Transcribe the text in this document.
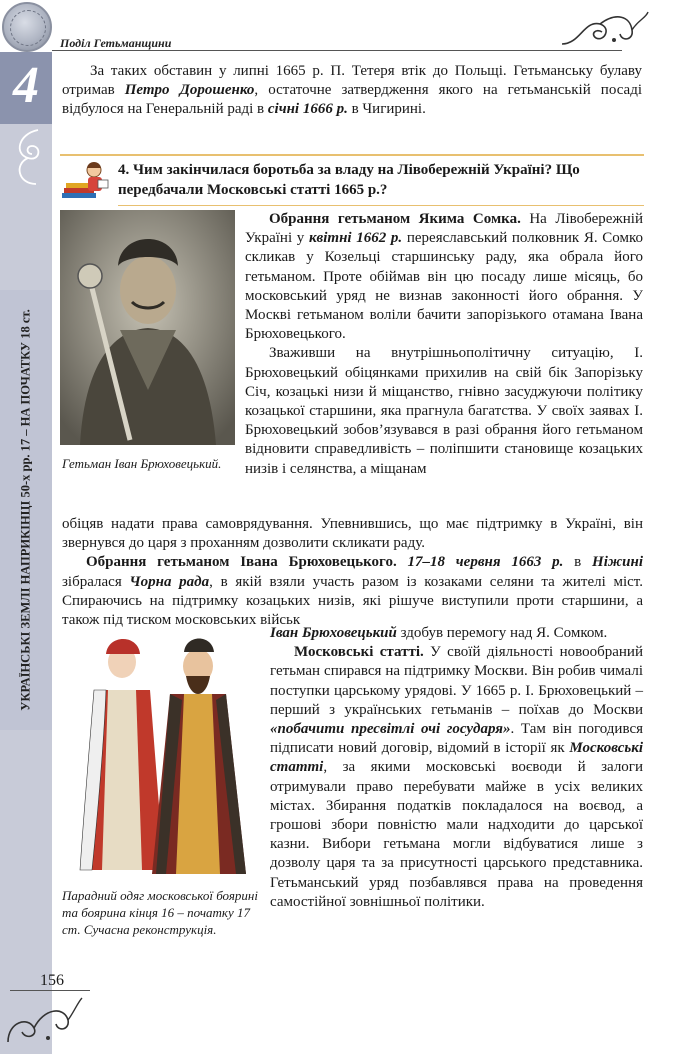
4
Поділ Гетьманщини
УКРАЇНСЬКІ ЗЕМЛІ НАПРИКІНЦІ 50-х рр. 17 – НА ПОЧАТКУ 18 ст.
За таких обставин у липні 1665 р. П. Тетеря втік до Польщі. Гетьманську булаву отримав Петро Дорошенко, остаточне затвердження якого на гетьманській посаді відбулося на Генеральній раді в січні 1666 р. в Чигирині.
4. Чим закінчилася боротьба за владу на Лівобережній Україні? Що передбачали Московські статті 1665 р.?
Гетьман Іван Брюховецький.

Обрання гетьманом Якима Сомка. На Лівобережній Україні у квітні 1662 р. переяславський полковник Я. Сомко скликав у Козельці старшинську раду, яка обрала його гетьманом. Проте обіймав він цю посаду лише місяць, бо московський уряд не визнав законності його обрання. У Москві гетьманом воліли бачити запорізького отамана Івана Брюховецького.

Зваживши на внутрішньополітичну ситуацію, І. Брюховецький обіцянками прихилив на свій бік Запорізьку Січ, козацькі низи й міщанство, гнівно засуджуючи політику козацької старшини, яка прагнула багатства. У своїх заявах І. Брюховецький зобов’язувався в разі обрання його гетьманом відновити справедливість – поліпшити становище козацьких низів і селянства, а міщанам

обіцяв надати права самоврядування. Упевнившись, що має підтримку в Україні, він звернувся до царя з проханням дозволити скликати раду.

Обрання гетьманом Івана Брюховецького. 17–18 червня 1663 р. в Ніжині зібралася Чорна рада, в якій взяли участь разом із козаками селяни та жителі міст. Спираючись на підтримку козацьких низів, які рішуче виступили проти старшини, а також під тиском московських військ

Парадний одяг московської боярині та боярина кінця 16 – початку 17 ст. Сучасна реконструкція.

Іван Брюховецький здобув перемогу над Я. Сомком.

Московські статті. У своїй діяльності новообраний гетьман спирався на підтримку Москви. Він робив чималі поступки царському урядові. У 1665 р. І. Брюховецький – перший з українських гетьманів – поїхав до Москви «побачити пресвітлі очі государя». Там він погодився підписати новий договір, відомий в історії як Московські статті, за якими московські воєводи й залоги отримували право перебувати майже в усіх великих містах. Збирання податків покладалося на воєвод, а грошові збори повністю мали надходити до царської казни. Вибори гетьмана могли відбуватися лише з дозволу царя та за присутності царського представника. Гетьманський уряд позбавлявся права на проведення самостійної зовнішньої політики.

156
